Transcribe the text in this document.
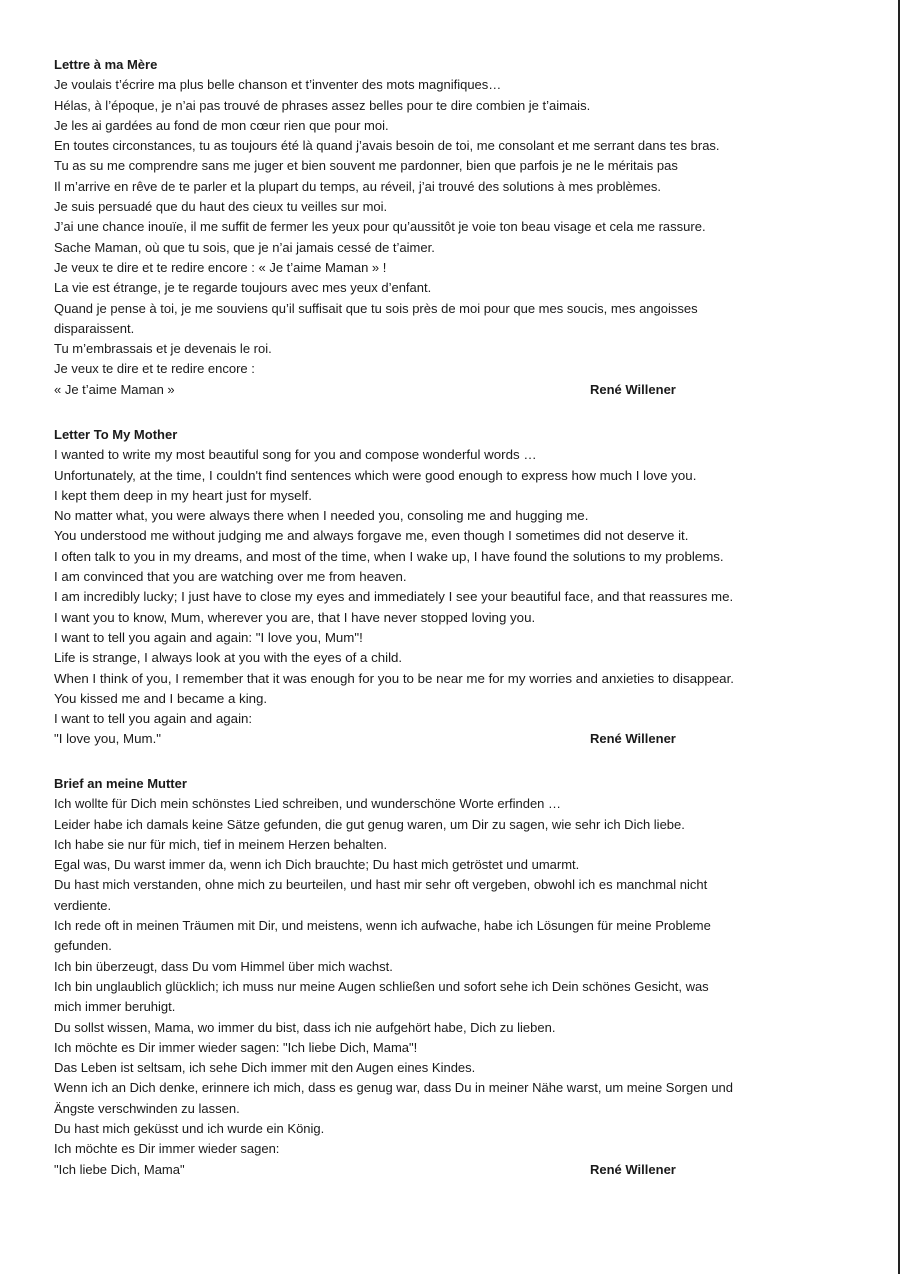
Lettre à ma Mère

Je voulais t’écrire ma plus belle chanson et t’inventer des mots magnifiques…

Hélas, à l’époque, je n’ai pas trouvé de phrases assez belles pour te dire combien je t’aimais.

Je les ai gardées au fond de mon cœur rien que pour moi.

En toutes circonstances, tu as toujours été là quand j’avais besoin de toi, me consolant et me serrant dans tes bras.

Tu as su me comprendre sans me juger et bien souvent me pardonner, bien que parfois je ne le méritais pas

Il m’arrive en rêve de te parler et la plupart du temps, au réveil, j’ai trouvé des solutions à mes problèmes.

Je suis persuadé que du haut des cieux tu veilles sur moi.

J’ai une chance inouïe, il me suffit de fermer les yeux pour qu’aussitôt je voie ton beau visage et cela me rassure.

Sache Maman, où que tu sois, que je n’ai jamais cessé de t’aimer.

Je veux te dire et te redire encore : « Je t’aime Maman » !

La vie est étrange, je te regarde toujours avec mes yeux d’enfant.

Quand je pense à toi, je me souviens qu’il suffisait que tu sois près de moi pour que mes soucis, mes angoisses

disparaissent.

Tu m’embrassais et je devenais le roi.

Je veux te dire et te redire encore :

« Je t’aime Maman »	René Willener

Letter To My Mother

I wanted to write my most beautiful song for you and compose wonderful words …

Unfortunately, at the time, I couldn't find sentences which were good enough to express how much I love you.

I kept them deep in my heart just for myself.

No matter what, you were always there when I needed you, consoling me and hugging me.

You understood me without judging me and always forgave me, even though I sometimes did not deserve it.

I often talk to you in my dreams, and most of the time, when I wake up, I have found the solutions to my problems.

I am convinced that you are watching over me from heaven.

I am incredibly lucky; I just have to close my eyes and immediately I see your beautiful face, and that reassures me.

I want you to know, Mum, wherever you are, that I have never stopped loving you.

I want to tell you again and again: "I love you, Mum"!

Life is strange, I always look at you with the eyes of a child.

When I think of you, I remember that it was enough for you to be near me for my worries and anxieties to disappear.

You kissed me and I became a king.

I want to tell you again and again:

"I love you, Mum."	René Willener

Brief an meine Mutter

Ich wollte für Dich mein schönstes Lied schreiben, und wunderschöne Worte erfinden …

Leider habe ich damals keine Sätze gefunden, die gut genug waren, um Dir zu sagen, wie sehr ich Dich liebe.

Ich habe sie nur für mich, tief in meinem Herzen behalten.

Egal was, Du warst immer da, wenn ich Dich brauchte; Du hast mich getröstet und umarmt.

Du hast mich verstanden, ohne mich zu beurteilen, und hast mir sehr oft vergeben, obwohl ich es manchmal nicht

verdiente.

Ich rede oft in meinen Träumen mit Dir, und meistens, wenn ich aufwache, habe ich Lösungen für meine Probleme

gefunden.

Ich bin überzeugt, dass Du vom Himmel über mich wachst.

Ich bin unglaublich glücklich; ich muss nur meine Augen schließen und sofort sehe ich Dein schönes Gesicht, was

mich immer beruhigt.

Du sollst wissen, Mama, wo immer du bist, dass ich nie aufgehört habe, Dich zu lieben.

Ich möchte es Dir immer wieder sagen: "Ich liebe Dich, Mama"!

Das Leben ist seltsam, ich sehe Dich immer mit den Augen eines Kindes.

Wenn ich an Dich denke, erinnere ich mich, dass es genug war, dass Du in meiner Nähe warst, um meine Sorgen und

Ängste verschwinden zu lassen.

Du hast mich geküsst und ich wurde ein König.

Ich möchte es Dir immer wieder sagen:

"Ich liebe Dich, Mama"	René Willener
